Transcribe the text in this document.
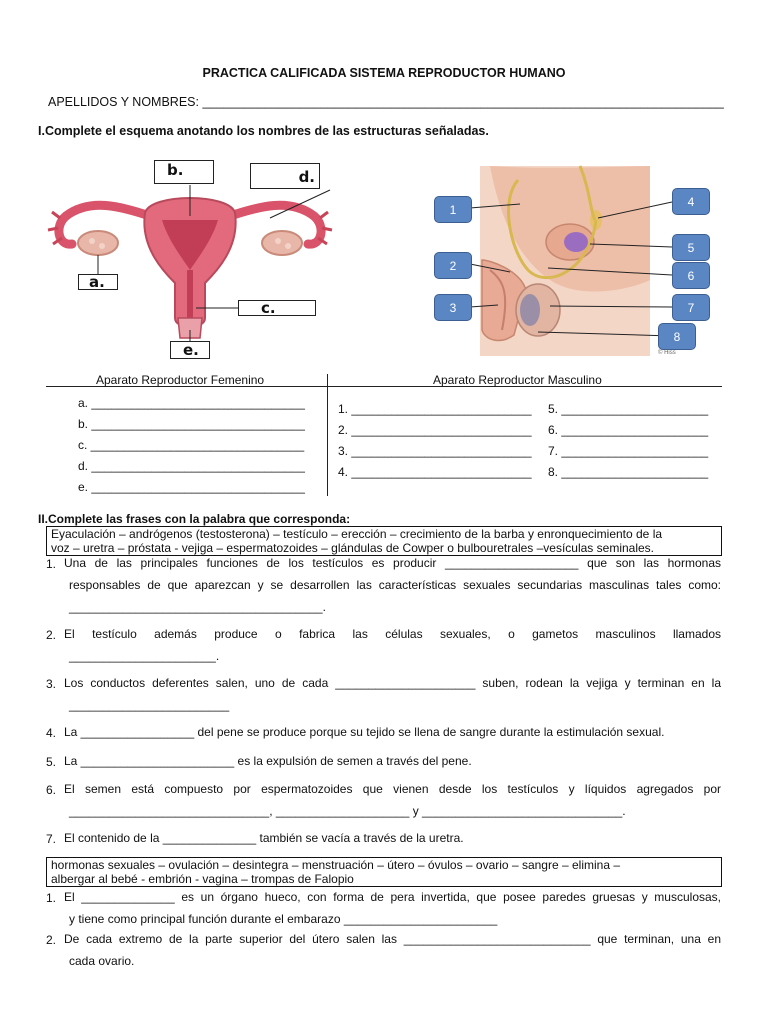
PRACTICA CALIFICADA SISTEMA REPRODUCTOR HUMANO
APELLIDOS Y NOMBRES: ___________________________________________________________________________
I.Complete el esquema anotando los nombres de las estructuras señaladas.
b.	d.
a.
c.
e.
1
2
3
4
5
6
7
8
© Hiss
Aparato Reproductor Femenino	Aparato Reproductor Masculino
a. ________________________________
b. ________________________________
c. ________________________________
d. ________________________________
e. ________________________________
1. ___________________________
2. ___________________________
3. ___________________________
4. ___________________________
5. ______________________
6. ______________________
7. ______________________
8. ______________________
II.Complete las frases con la palabra que corresponda:
Eyaculación – andrógenos (testosterona) – testículo – erección – crecimiento de la barba y enronquecimiento de la
voz – uretra – próstata - vejiga – espermatozoides – glándulas de Cowper o bulbouretrales –vesículas seminales.
1. Una de las principales funciones de los testículos es producir ____________________ que son las hormonas
responsables de que aparezcan y se desarrollen las características sexuales secundarias masculinas tales como:
______________________________________.
2. El testículo además produce o fabrica las células sexuales, o gametos masculinos llamados
______________________.
3. Los conductos deferentes salen, uno de cada _____________________ suben, rodean la vejiga y terminan en la
________________________
4. La _________________ del pene se produce porque su tejido se llena de sangre durante la estimulación sexual.
5. La _______________________ es la expulsión de semen a través del pene.
6. El semen está compuesto por espermatozoides que vienen desde los testículos y líquidos agregados por
______________________________, ____________________ y ______________________________.
7. El contenido de la ______________ también se vacía a través de la uretra.
hormonas sexuales – ovulación – desintegra – menstruación – útero – óvulos – ovario – sangre – elimina –
albergar al bebé - embrión - vagina – trompas de Falopio
1. El ______________ es un órgano hueco, con forma de pera invertida, que posee paredes gruesas y musculosas,
y tiene como principal función durante el embarazo _______________________
2. De cada extremo de la parte superior del útero salen las ____________________________ que terminan, una en
cada ovario.
